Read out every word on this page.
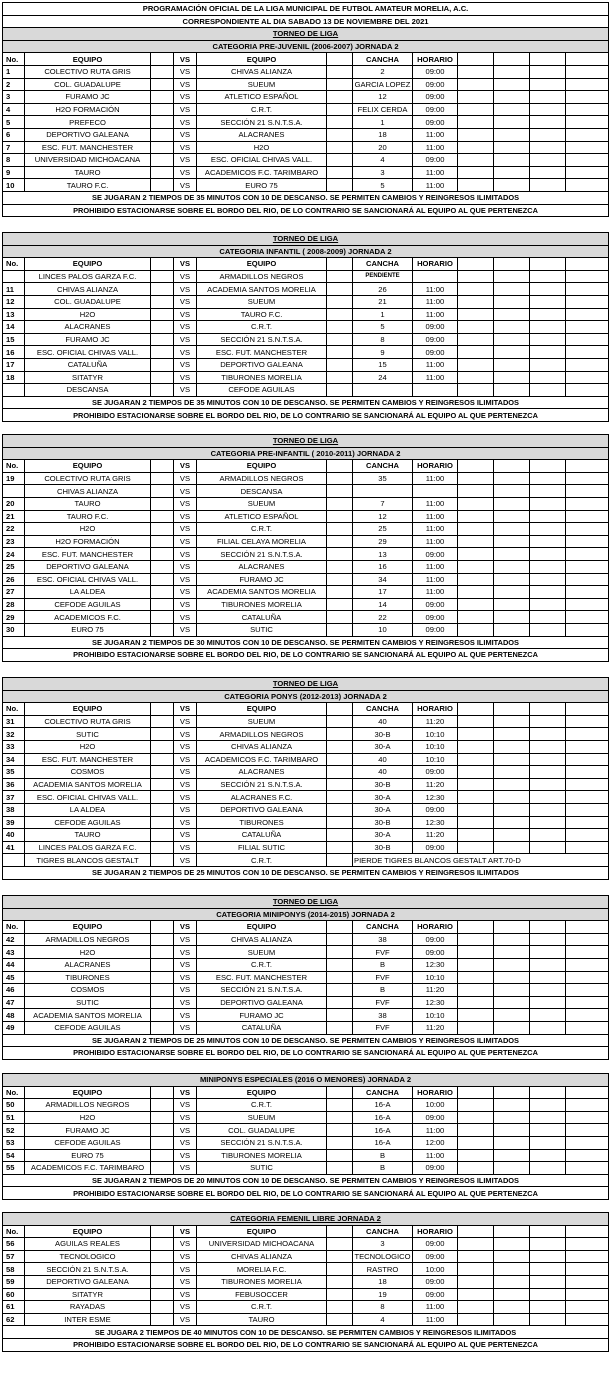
PROGRAMACIÓN OFICIAL DE LA LIGA MUNICIPAL DE FUTBOL AMATEUR MORELIA, A.C.											
CORRESPONDIENTE AL DIA SABADO 13 DE NOVIEMBRE DEL 2021											
TORNEO DE LIGA											
CATEGORIA PRE-JUVENIL (2006-2007) JORNADA 2											
No.	EQUIPO		VS	EQUIPO		CANCHA	HORARIO				
1	COLECTIVO RUTA GRIS		VS	CHIVAS ALIANZA		2	09:00				
2	COL. GUADALUPE		VS	SUEUM		GARCIA LOPEZ	09:00				
3	FURAMO JC		VS	ATLETICO ESPAÑOL		12	09:00				
4	H2O FORMACIÓN		VS	C.R.T.		FELIX CERDA	09:00				
5	PREFECO		VS	SECCIÓN 21 S.N.T.S.A.		1	09:00				
6	DEPORTIVO GALEANA		VS	ALACRANES		18	11:00				
7	ESC. FUT. MANCHESTER		VS	H2O		20	11:00				
8	UNIVERSIDAD MICHOACANA		VS	ESC. OFICIAL CHIVAS VALL.		4	09:00				
9	TAURO		VS	ACADEMICOS F.C. TARIMBARO		3	11:00				
10	TAURO F.C.		VS	EURO 75		5	11:00				
SE JUGARAN 2 TIEMPOS DE 35 MINUTOS CON 10 DE DESCANSO. SE PERMITEN CAMBIOS Y REINGRESOS ILIMITADOS											
PROHIBIDO ESTACIONARSE SOBRE EL BORDO DEL RIO, DE LO CONTRARIO SE SANCIONARÁ AL EQUIPO AL QUE PERTENEZCA											
TORNEO DE LIGA											
CATEGORIA INFANTIL ( 2008-2009) JORNADA 2											
No.	EQUIPO		VS	EQUIPO		CANCHA	HORARIO				
	LINCES PALOS GARZA F.C.		VS	ARMADILLOS NEGROS		PENDIENTE					
11	CHIVAS ALIANZA		VS	ACADEMIA SANTOS MORELIA		26	11:00				
12	COL. GUADALUPE		VS	SUEUM		21	11:00				
13	H2O		VS	TAURO F.C.		1	11:00				
14	ALACRANES		VS	C.R.T.		5	09:00				
15	FURAMO JC		VS	SECCIÓN 21 S.N.T.S.A.		8	09:00				
16	ESC. OFICIAL CHIVAS VALL.		VS	ESC. FUT. MANCHESTER		9	09:00				
17	CATALUÑA		VS	DEPORTIVO GALEANA		15	11:00				
18	SITATYR		VS	TIBURONES MORELIA		24	11:00				
	DESCANSA		VS	CEFODE AGUILAS							
SE JUGARAN 2 TIEMPOS DE 35 MINUTOS CON 10 DE DESCANSO. SE PERMITEN CAMBIOS Y REINGRESOS ILIMITADOS											
PROHIBIDO ESTACIONARSE SOBRE EL BORDO DEL RIO, DE LO CONTRARIO SE SANCIONARÁ AL EQUIPO AL QUE PERTENEZCA											
TORNEO DE LIGA											
CATEGORIA PRE-INFANTIL ( 2010-2011) JORNADA 2											
No.	EQUIPO		VS	EQUIPO		CANCHA	HORARIO				
19	COLECTIVO RUTA GRIS		VS	ARMADILLOS NEGROS		35	11:00				
	CHIVAS ALIANZA		VS	DESCANSA							
20	TAURO		VS	SUEUM		7	11:00				
21	TAURO F.C.		VS	ATLETICO ESPAÑOL		12	11:00				
22	H2O		VS	C.R.T.		25	11:00				
23	H2O FORMACIÓN		VS	FILIAL CELAYA MORELIA		29	11:00				
24	ESC. FUT. MANCHESTER		VS	SECCIÓN 21 S.N.T.S.A.		13	09:00				
25	DEPORTIVO GALEANA		VS	ALACRANES		16	11:00				
26	ESC. OFICIAL CHIVAS VALL.		VS	FURAMO JC		34	11:00				
27	LA ALDEA		VS	ACADEMIA SANTOS MORELIA		17	11:00				
28	CEFODE AGUILAS		VS	TIBURONES MORELIA		14	09:00				
29	ACADEMICOS F.C.		VS	CATALUÑA		22	09:00				
30	EURO 75		VS	SUTIC		10	09:00				
SE JUGARAN 2 TIEMPOS DE 30 MINUTOS CON 10 DE DESCANSO. SE PERMITEN CAMBIOS Y REINGRESOS ILIMITADOS											
PROHIBIDO ESTACIONARSE SOBRE EL BORDO DEL RIO, DE LO CONTRARIO SE SANCIONARÁ AL EQUIPO AL QUE PERTENEZCA											
TORNEO DE LIGA											
CATEGORIA PONYS (2012-2013) JORNADA 2											
No.	EQUIPO		VS	EQUIPO		CANCHA	HORARIO				
31	COLECTIVO RUTA GRIS		VS	SUEUM		40	11:20				
32	SUTIC		VS	ARMADILLOS NEGROS		30-B	10:10				
33	H2O		VS	CHIVAS ALIANZA		30-A	10:10				
34	ESC. FUT. MANCHESTER		VS	ACADEMICOS F.C. TARIMBARO		40	10:10				
35	COSMOS		VS	ALACRANES		40	09:00				
36	ACADEMIA SANTOS MORELIA		VS	SECCIÓN 21 S.N.T.S.A.		30-B	11:20				
37	ESC. OFICIAL CHIVAS VALL.		VS	ALACRANES F.C.		30-A	12:30				
38	LA ALDEA		VS	DEPORTIVO GALEANA		30-A	09:00				
39	CEFODE AGUILAS		VS	TIBURONES		30-B	12:30				
40	TAURO		VS	CATALUÑA		30-A	11:20				
41	LINCES PALOS GARZA F.C.		VS	FILIAL SUTIC		30-B	09:00				
	TIGRES BLANCOS GESTALT		VS	C.R.T.		PIERDE TIGRES BLANCOS GESTALT ART.70-D					
SE JUGARAN 2 TIEMPOS DE 25 MINUTOS CON 10 DE DESCANSO. SE PERMITEN CAMBIOS Y REINGRESOS ILIMITADOS											
TORNEO DE LIGA											
CATEGORIA MINIPONYS (2014-2015) JORNADA 2											
No.	EQUIPO		VS	EQUIPO		CANCHA	HORARIO				
42	ARMADILLOS NEGROS		VS	CHIVAS ALIANZA		38	09:00				
43	H2O		VS	SUEUM		FVF	09:00				
44	ALACRANES		VS	C.R.T.		B	12:30				
45	TIBURONES		VS	ESC. FUT. MANCHESTER		FVF	10:10				
46	COSMOS		VS	SECCIÓN 21 S.N.T.S.A.		B	11:20				
47	SUTIC		VS	DEPORTIVO GALEANA		FVF	12:30				
48	ACADEMIA SANTOS MORELIA		VS	FURAMO JC		38	10:10				
49	CEFODE AGUILAS		VS	CATALUÑA		FVF	11:20				
SE JUGARAN 2 TIEMPOS DE 25 MINUTOS CON 10 DE DESCANSO. SE PERMITEN CAMBIOS Y REINGRESOS ILIMITADOS											
PROHIBIDO ESTACIONARSE SOBRE EL BORDO DEL RIO, DE LO CONTRARIO SE SANCIONARÁ AL EQUIPO AL QUE PERTENEZCA											
MINIPONYS ESPECIALES (2016 O MENORES) JORNADA 2											
No.	EQUIPO		VS	EQUIPO		CANCHA	HORARIO				
50	ARMADILLOS NEGROS		VS	C.R.T.		16-A	10:00				
51	H2O		VS	SUEUM		16-A	09:00				
52	FURAMO JC		VS	COL. GUADALUPE		16-A	11:00				
53	CEFODE AGUILAS		VS	SECCIÓN 21 S.N.T.S.A.		16-A	12:00				
54	EURO 75		VS	TIBURONES MORELIA		B	11:00				
55	ACADEMICOS F.C. TARIMBARO		VS	SUTIC		B	09:00				
SE JUGARAN 2 TIEMPOS DE 20 MINUTOS CON 10 DE DESCANSO. SE PERMITEN CAMBIOS Y REINGRESOS ILIMITADOS											
PROHIBIDO ESTACIONARSE SOBRE EL BORDO DEL RIO, DE LO CONTRARIO SE SANCIONARÁ AL EQUIPO AL QUE PERTENEZCA											
CATEGORIA FEMENIL LIBRE JORNADA 2											
No.	EQUIPO		VS	EQUIPO		CANCHA	HORARIO				
56	AGUILAS REALES		VS	UNIVERSIDAD MICHOACANA		3	09:00				
57	TECNOLOGICO		VS	CHIVAS ALIANZA		TECNOLOGICO	09:00				
58	SECCIÓN 21 S.N.T.S.A.		VS	MORELIA F.C.		RASTRO	10:00				
59	DEPORTIVO GALEANA		VS	TIBURONES MORELIA		18	09:00				
60	SITATYR		VS	FEBUSOCCER		19	09:00				
61	RAYADAS		VS	C.R.T.		8	11:00				
62	INTER ESME		VS	TAURO		4	11:00				
SE JUGARA 2 TIEMPOS DE 40 MINUTOS CON 10 DE DESCANSO. SE PERMITEN CAMBIOS Y REINGRESOS ILIMITADOS											
PROHIBIDO ESTACIONARSE SOBRE EL BORDO DEL RIO, DE LO CONTRARIO SE SANCIONARÁ AL EQUIPO AL QUE PERTENEZCA											
